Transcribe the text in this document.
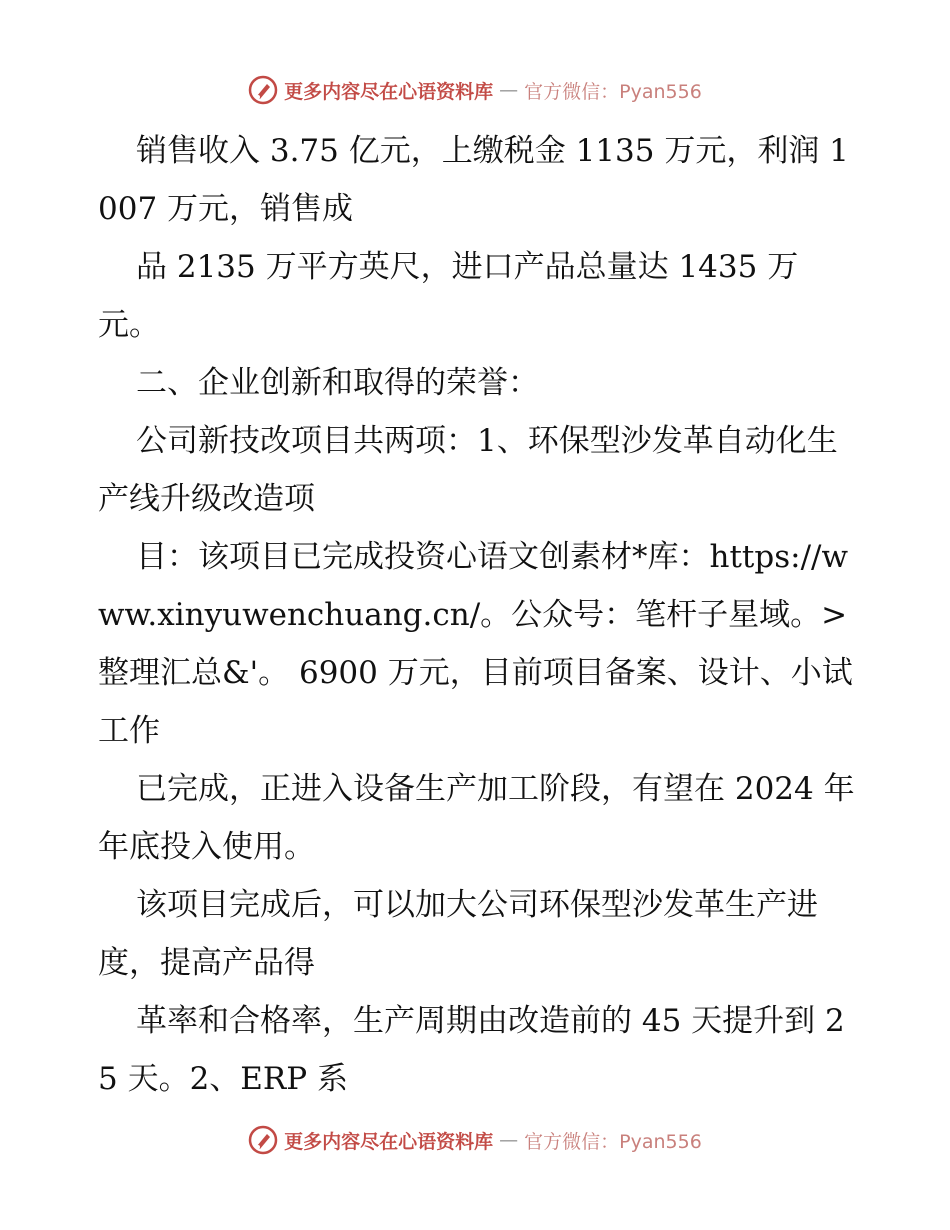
更多内容尽在心语资料库 — 官方微信：Pyan556

销售收入 3.75 亿元，上缴税金 1135 万元，利润 1007 万元，销售成

品 2135 万平方英尺，进口产品总量达 1435 万元。

二、企业创新和取得的荣誉：

公司新技改项目共两项：1、环保型沙发革自动化生产线升级改造项

目：该项目已完成投资心语文创素材*库：https://www.xinyuwenchuang.cn/。公众号：笔杆子星域。>整理汇总&'。 6900 万元，目前项目备案、设计、小试工作

已完成，正进入设备生产加工阶段，有望在 2024 年年底投入使用。

该项目完成后，可以加大公司环保型沙发革生产进度，提高产品得

革率和合格率，生产周期由改造前的 45 天提升到 25 天。2、ERP 系

更多内容尽在心语资料库 — 官方微信：Pyan556
